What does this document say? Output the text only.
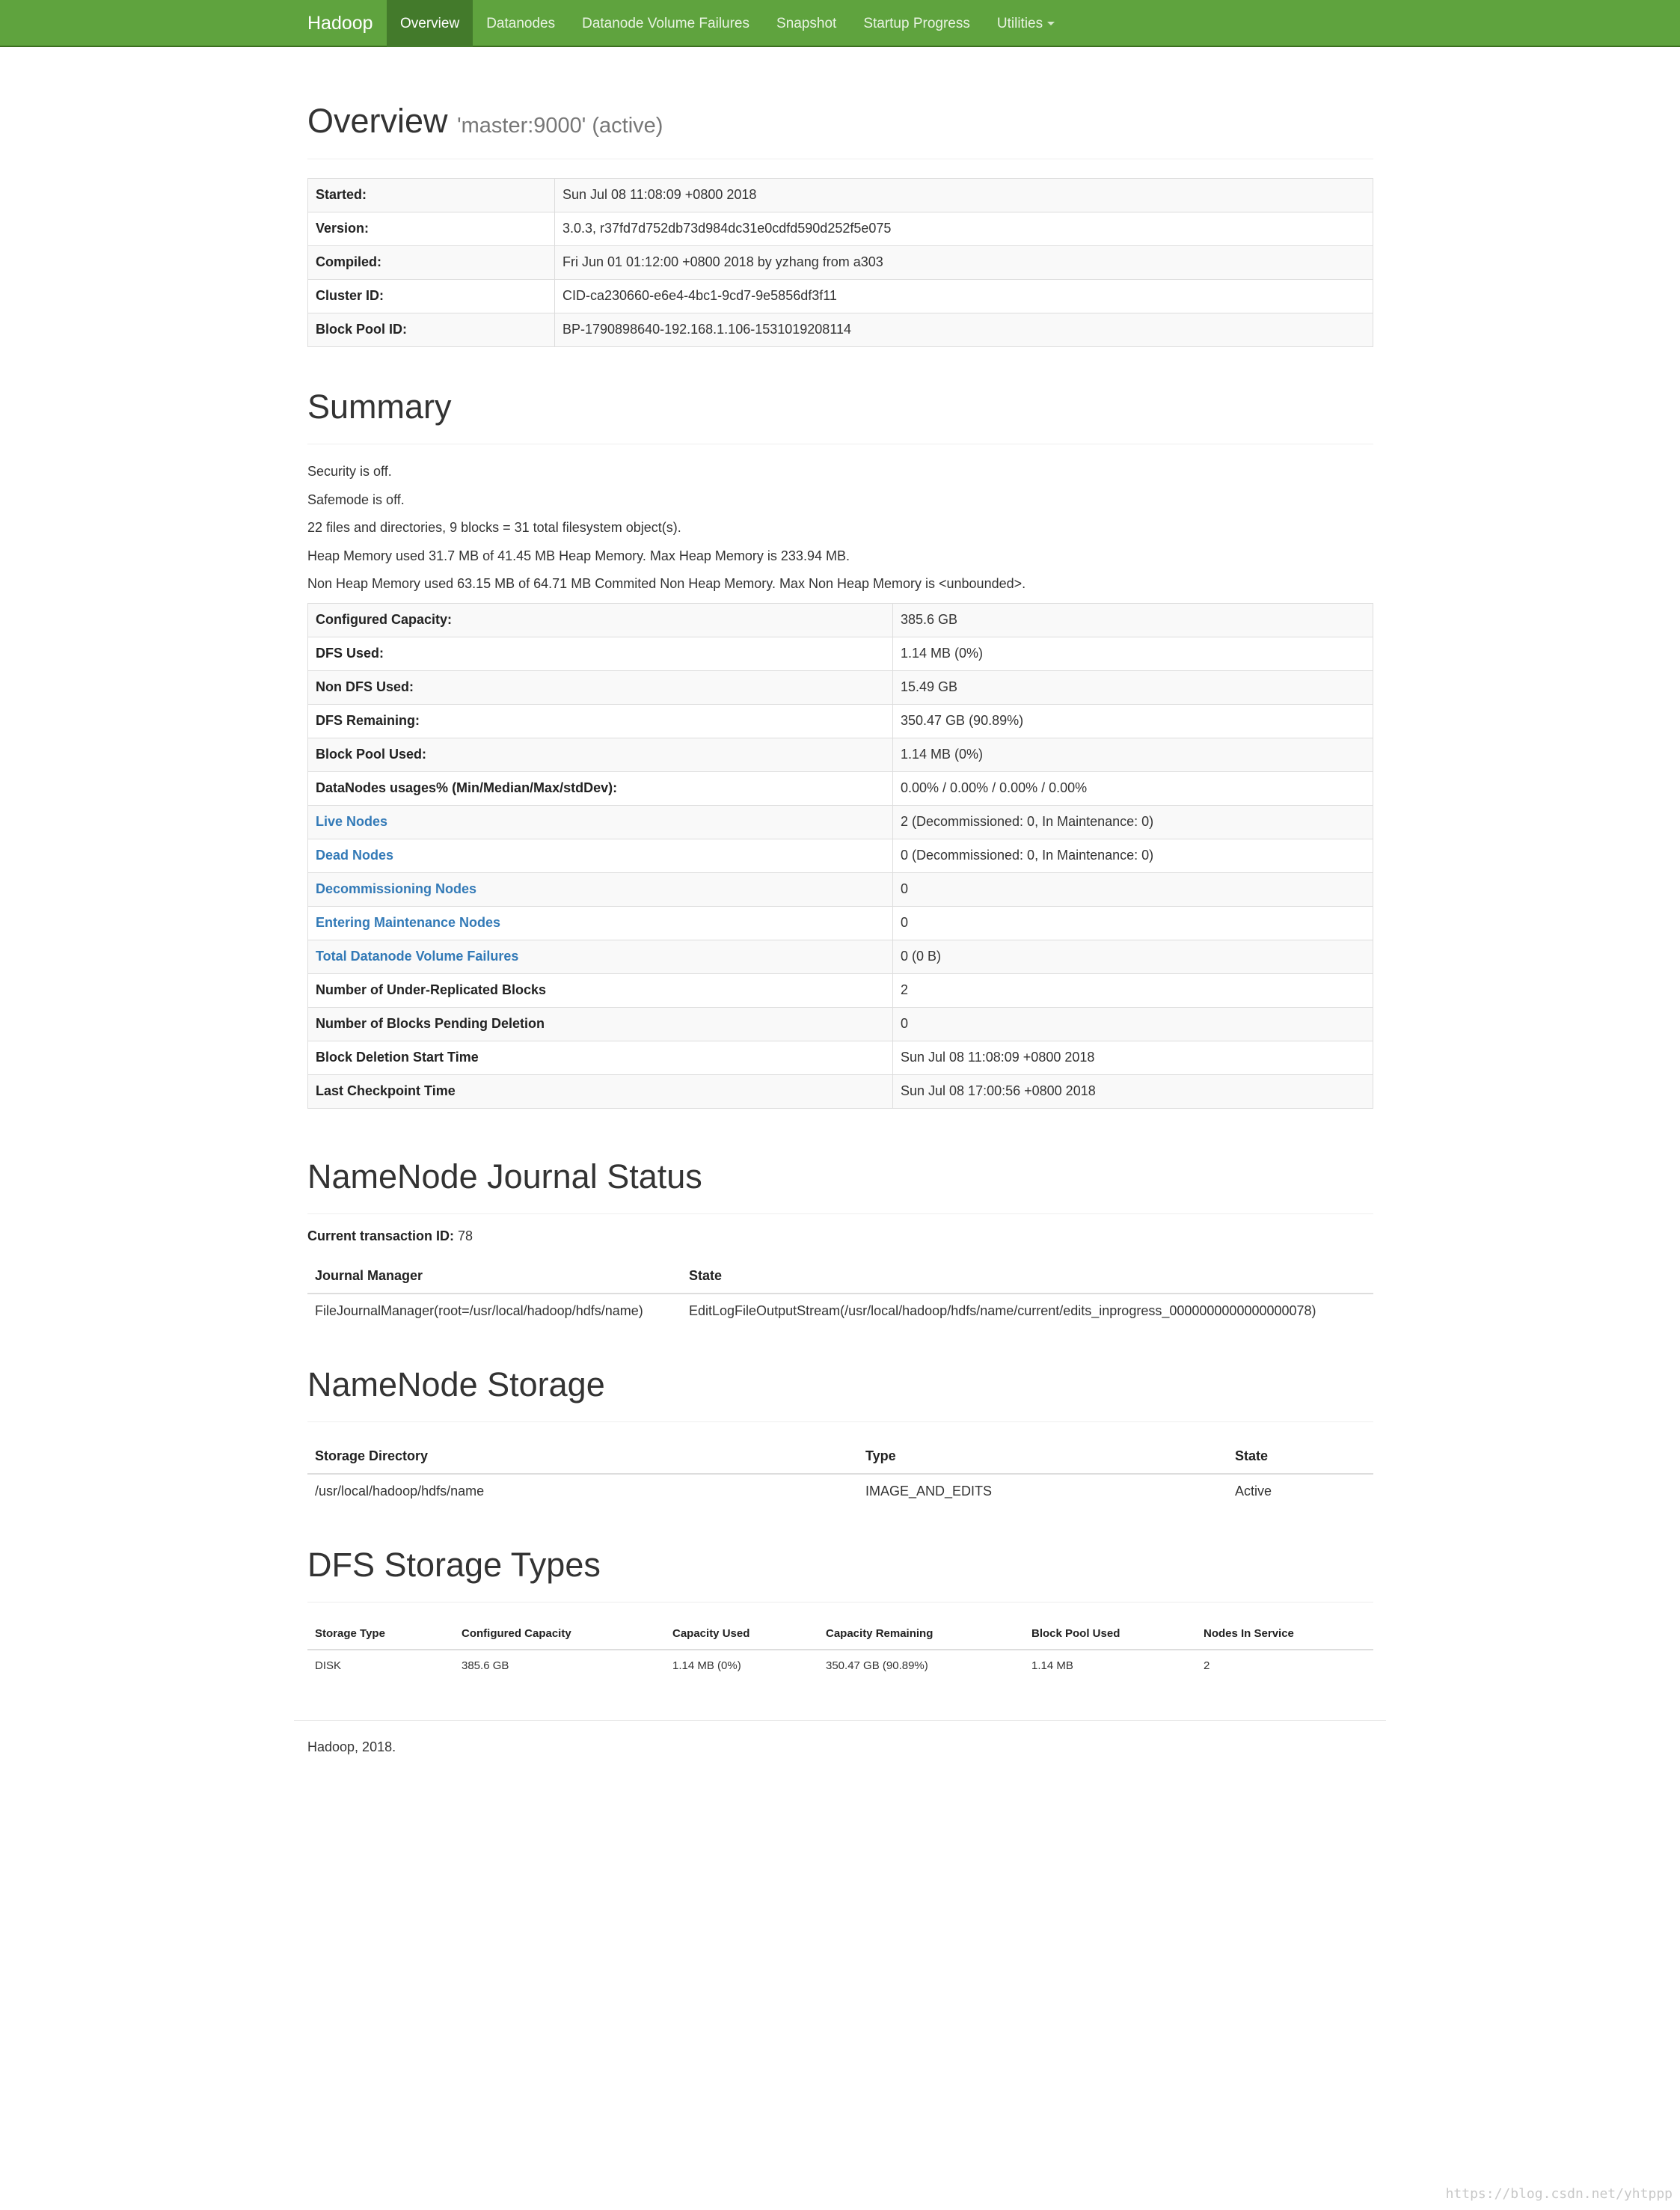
Hadoop	Overview	Datanodes	Datanode Volume Failures	Snapshot	Startup Progress	Utilities
Overview 'master:9000' (active)
Started:	Sun Jul 08 11:08:09 +0800 2018
Version:	3.0.3, r37fd7d752db73d984dc31e0cdfd590d252f5e075
Compiled:	Fri Jun 01 01:12:00 +0800 2018 by yzhang from a303
Cluster ID:	CID-ca230660-e6e4-4bc1-9cd7-9e5856df3f11
Block Pool ID:	BP-1790898640-192.168.1.106-1531019208114
Summary
Security is off.
Safemode is off.
22 files and directories, 9 blocks = 31 total filesystem object(s).
Heap Memory used 31.7 MB of 41.45 MB Heap Memory. Max Heap Memory is 233.94 MB.
Non Heap Memory used 63.15 MB of 64.71 MB Commited Non Heap Memory. Max Non Heap Memory is <unbounded>.
Configured Capacity:	385.6 GB
DFS Used:	1.14 MB (0%)
Non DFS Used:	15.49 GB
DFS Remaining:	350.47 GB (90.89%)
Block Pool Used:	1.14 MB (0%)
DataNodes usages% (Min/Median/Max/stdDev):	0.00% / 0.00% / 0.00% / 0.00%
Live Nodes	2 (Decommissioned: 0, In Maintenance: 0)
Dead Nodes	0 (Decommissioned: 0, In Maintenance: 0)
Decommissioning Nodes	0
Entering Maintenance Nodes	0
Total Datanode Volume Failures	0 (0 B)
Number of Under-Replicated Blocks	2
Number of Blocks Pending Deletion	0
Block Deletion Start Time	Sun Jul 08 11:08:09 +0800 2018
Last Checkpoint Time	Sun Jul 08 17:00:56 +0800 2018
NameNode Journal Status
Current transaction ID: 78
Journal Manager	State
FileJournalManager(root=/usr/local/hadoop/hdfs/name)	EditLogFileOutputStream(/usr/local/hadoop/hdfs/name/current/edits_inprogress_0000000000000000078)
NameNode Storage
Storage Directory	Type	State
/usr/local/hadoop/hdfs/name	IMAGE_AND_EDITS	Active
DFS Storage Types
Storage Type	Configured Capacity	Capacity Used	Capacity Remaining	Block Pool Used	Nodes In Service
DISK	385.6 GB	1.14 MB (0%)	350.47 GB (90.89%)	1.14 MB	2
Hadoop, 2018.
https://blog.csdn.net/yhtppp
